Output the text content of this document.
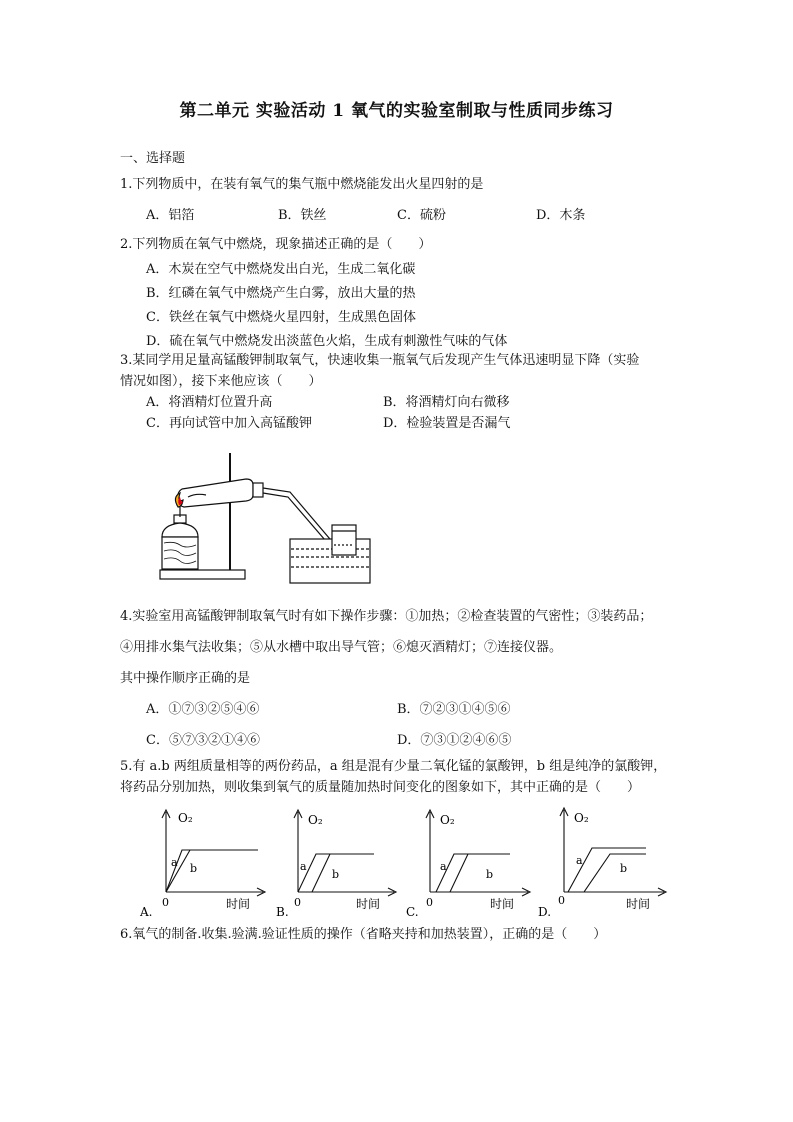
第二单元 实验活动 1 氧气的实验室制取与性质同步练习
一、选择题
1.下列物质中，在装有氧气的集气瓶中燃烧能发出火星四射的是
A．铝箔	B．铁丝	C．硫粉	D．木条
2.下列物质在氧气中燃烧，现象描述正确的是（　　）
A．木炭在空气中燃烧发出白光，生成二氧化碳
B．红磷在氧气中燃烧产生白雾，放出大量的热
C．铁丝在氧气中燃烧火星四射，生成黑色固体
D．硫在氧气中燃烧发出淡蓝色火焰，生成有刺激性气味的气体
3.某同学用足量高锰酸钾制取氧气，快速收集一瓶氧气后发现产生气体迅速明显下降（实验
情况如图），接下来他应该（　　）
A．将酒精灯位置升高	B．将酒精灯向右微移
C．再向试管中加入高锰酸钾	D．检验装置是否漏气
4.实验室用高锰酸钾制取氧气时有如下操作步骤：①加热；②检查装置的气密性；③装药品；
④用排水集气法收集；⑤从水槽中取出导气管；⑥熄灭酒精灯；⑦连接仪器。
其中操作顺序正确的是
A．①⑦③②⑤④⑥	B．⑦②③①④⑤⑥
C．⑤⑦③②①④⑥	D．⑦③①②④⑥⑤
5.有 a.b 两组质量相等的两份药品，a 组是混有少量二氧化锰的氯酸钾，b 组是纯净的氯酸钾，
将药品分别加热，则收集到氧气的质量随加热时间变化的图象如下，其中正确的是（　　）
O₂
a b
0	时间
A.
O₂
a
b
0	时间
B.
O₂
a
b
0	时间
C.
O₂
a
b
0	时间
D.
6.氧气的制备.收集.验满.验证性质的操作（省略夹持和加热装置），正确的是（　　）
